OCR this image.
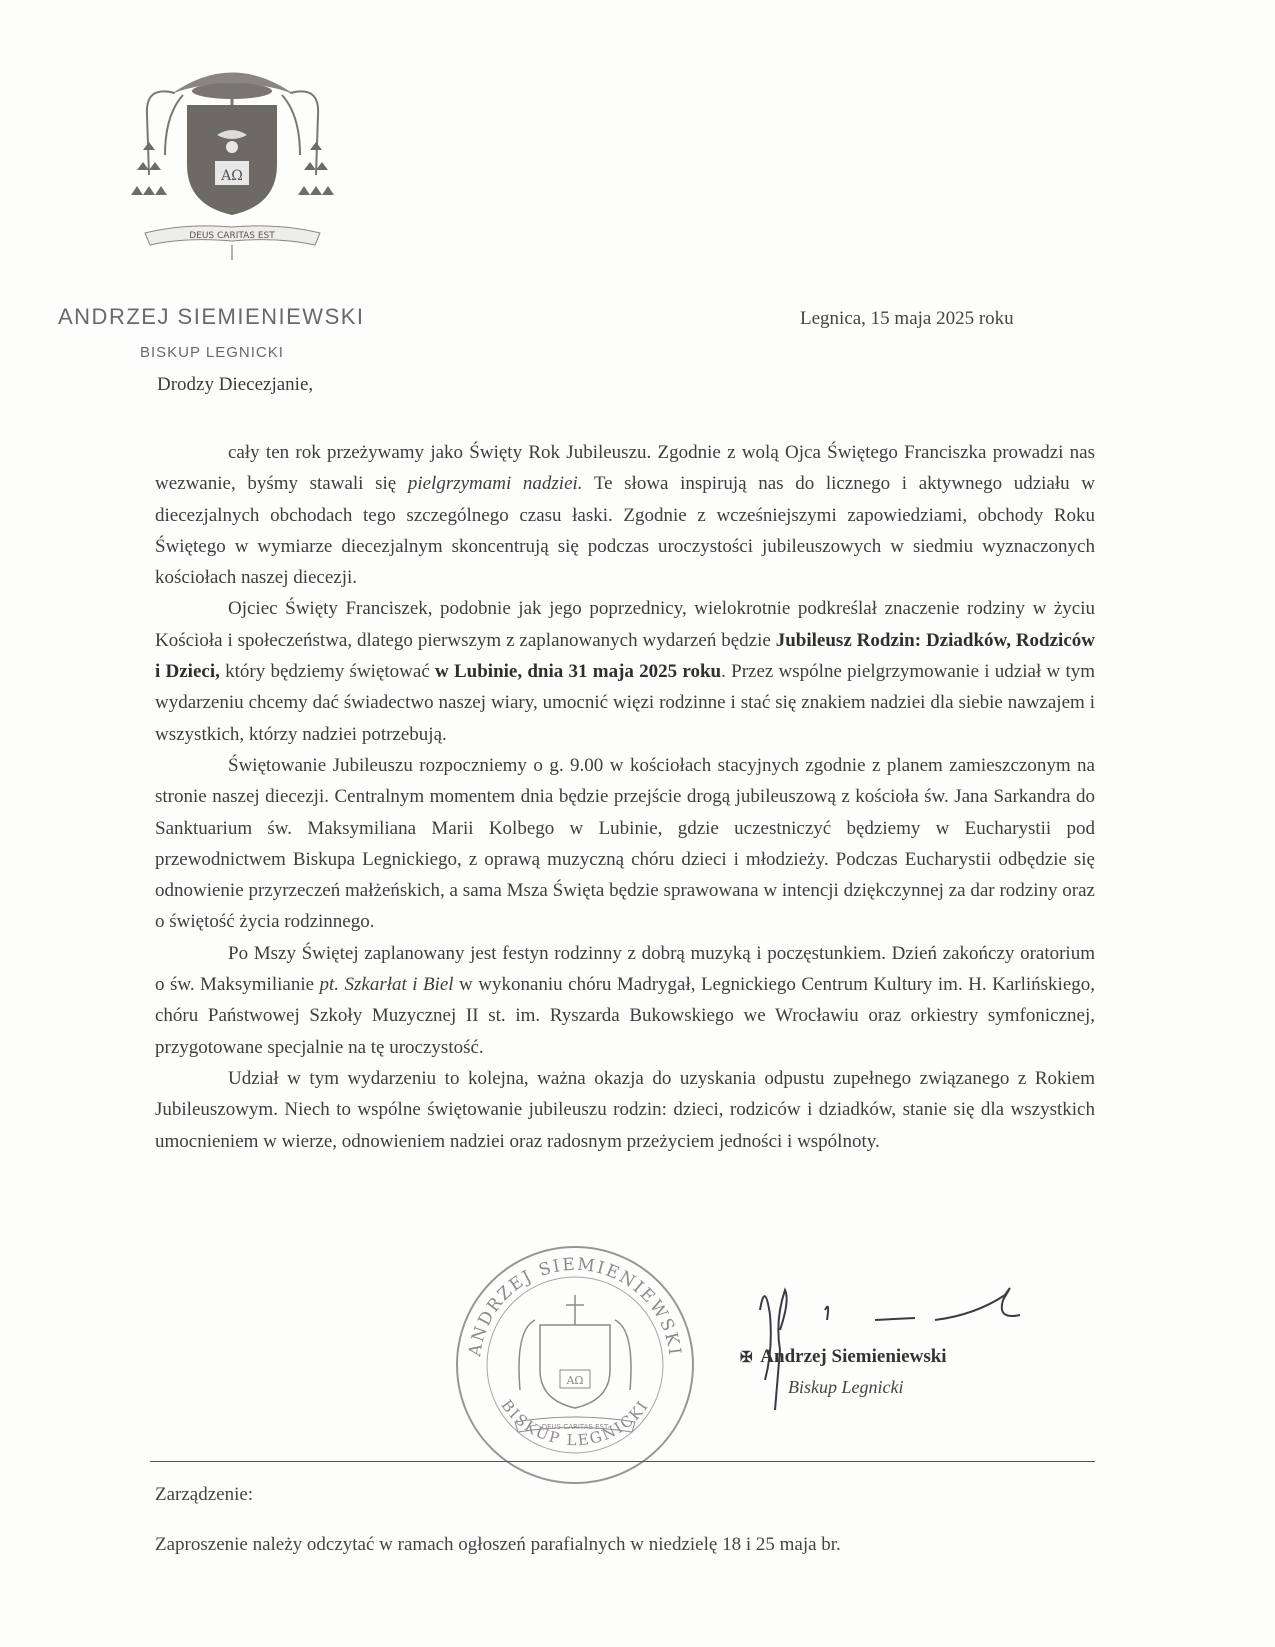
ΑΩ
DEUS CARITAS EST
ANDRZEJ SIEMIENIEWSKI
BISKUP LEGNICKI
Legnica, 15 maja 2025 roku
Drodzy Diecezjanie,

cały ten rok przeżywamy jako Święty Rok Jubileuszu. Zgodnie z wolą Ojca Świętego Franciszka prowadzi nas wezwanie, byśmy stawali się pielgrzymami nadziei. Te słowa inspirują nas do licznego i aktywnego udziału w diecezjalnych obchodach tego szczególnego czasu łaski. Zgodnie z wcześniejszymi zapowiedziami, obchody Roku Świętego w wymiarze diecezjalnym skoncentrują się podczas uroczystości jubileuszowych w siedmiu wyznaczonych kościołach naszej diecezji.

Ojciec Święty Franciszek, podobnie jak jego poprzednicy, wielokrotnie podkreślał znaczenie rodziny w życiu Kościoła i społeczeństwa, dlatego pierwszym z zaplanowanych wydarzeń będzie Jubileusz Rodzin: Dziadków, Rodziców i Dzieci, który będziemy świętować w Lubinie, dnia 31 maja 2025 roku. Przez wspólne pielgrzymowanie i udział w tym wydarzeniu chcemy dać świadectwo naszej wiary, umocnić więzi rodzinne i stać się znakiem nadziei dla siebie nawzajem i wszystkich, którzy nadziei potrzebują.

Świętowanie Jubileuszu rozpoczniemy o g. 9.00 w kościołach stacyjnych zgodnie z planem zamieszczonym na stronie naszej diecezji. Centralnym momentem dnia będzie przejście drogą jubileuszową z kościoła św. Jana Sarkandra do Sanktuarium św. Maksymiliana Marii Kolbego w Lubinie, gdzie uczestniczyć będziemy w Eucharystii pod przewodnictwem Biskupa Legnickiego, z oprawą muzyczną chóru dzieci i młodzieży. Podczas Eucharystii odbędzie się odnowienie przyrzeczeń małżeńskich, a sama Msza Święta będzie sprawowana w intencji dziękczynnej za dar rodziny oraz o świętość życia rodzinnego.

Po Mszy Świętej zaplanowany jest festyn rodzinny z dobrą muzyką i poczęstunkiem. Dzień zakończy oratorium o św. Maksymilianie pt. Szkarłat i Biel w wykonaniu chóru Madrygał, Legnickiego Centrum Kultury im. H. Karlińskiego, chóru Państwowej Szkoły Muzycznej II st. im. Ryszarda Bukowskiego we Wrocławiu oraz orkiestry symfonicznej, przygotowane specjalnie na tę uroczystość.

Udział w tym wydarzeniu to kolejna, ważna okazja do uzyskania odpustu zupełnego związanego z Rokiem Jubileuszowym. Niech to wspólne świętowanie jubileuszu rodzin: dzieci, rodziców i dziadków, stanie się dla wszystkich umocnieniem w wierze, odnowieniem nadziei oraz radosnym przeżyciem jedności i wspólnoty.

ANDRZEJ SIEMIENIEWSKI
BISKUP LEGNICKI
ΑΩ
DEUS CARITAS EST
✠ Andrzej Siemieniewski
Biskup Legnicki
Zarządzenie:
Zaproszenie należy odczytać w ramach ogłoszeń parafialnych w niedzielę 18 i 25 maja br.
